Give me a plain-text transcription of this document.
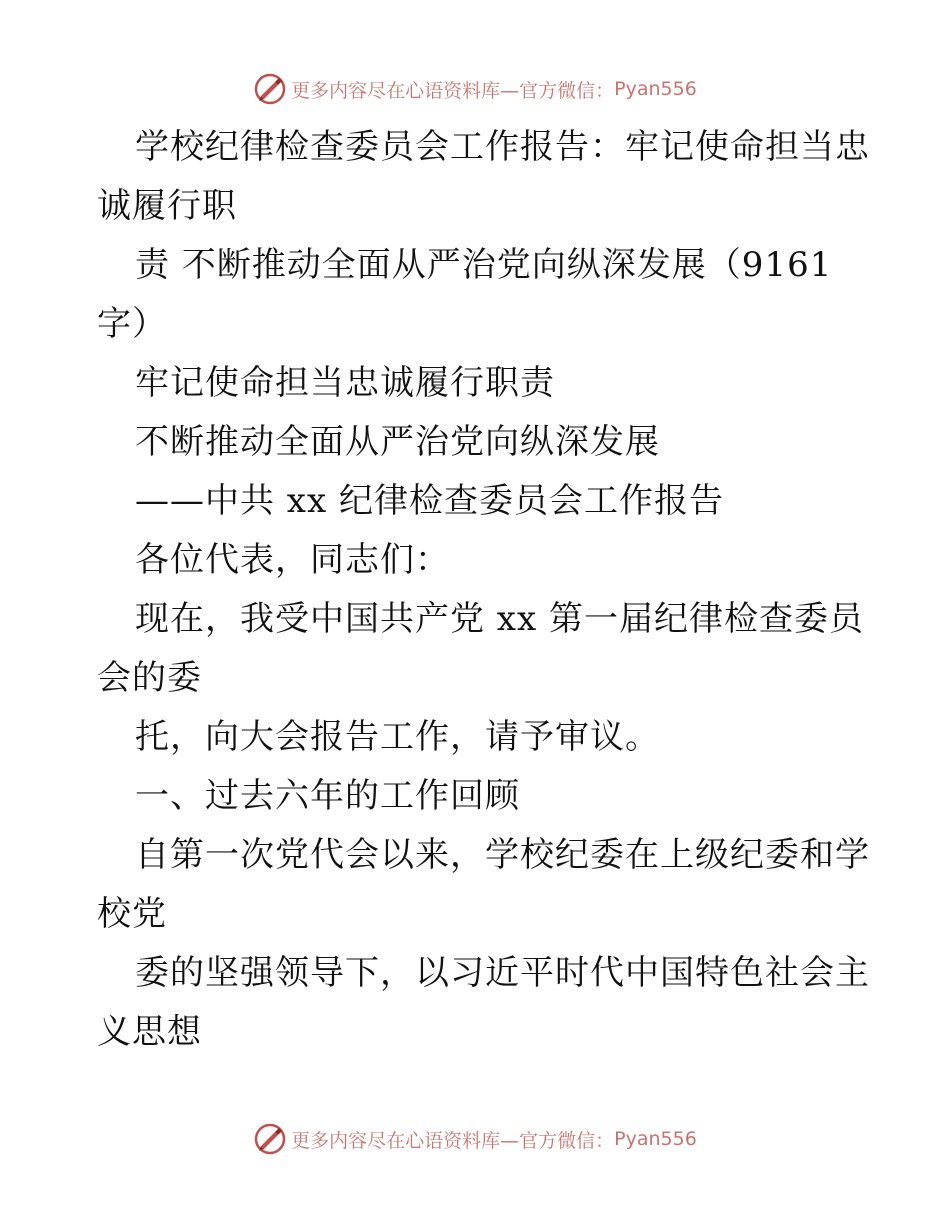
更多内容尽在心语资料库—官方微信： Pyan556
学校纪律检查委员会工作报告：牢记使命担当忠
诚履行职
责 不断推动全面从严治党向纵深发展（9161
字）
牢记使命担当忠诚履行职责
不断推动全面从严治党向纵深发展
——中共 xx 纪律检查委员会工作报告
各位代表，同志们：
现在，我受中国共产党 xx 第一届纪律检查委员
会的委
托，向大会报告工作，请予审议。
一、过去六年的工作回顾
自第一次党代会以来，学校纪委在上级纪委和学
校党
委的坚强领导下，以习近平时代中国特色社会主
义思想
更多内容尽在心语资料库—官方微信： Pyan556
